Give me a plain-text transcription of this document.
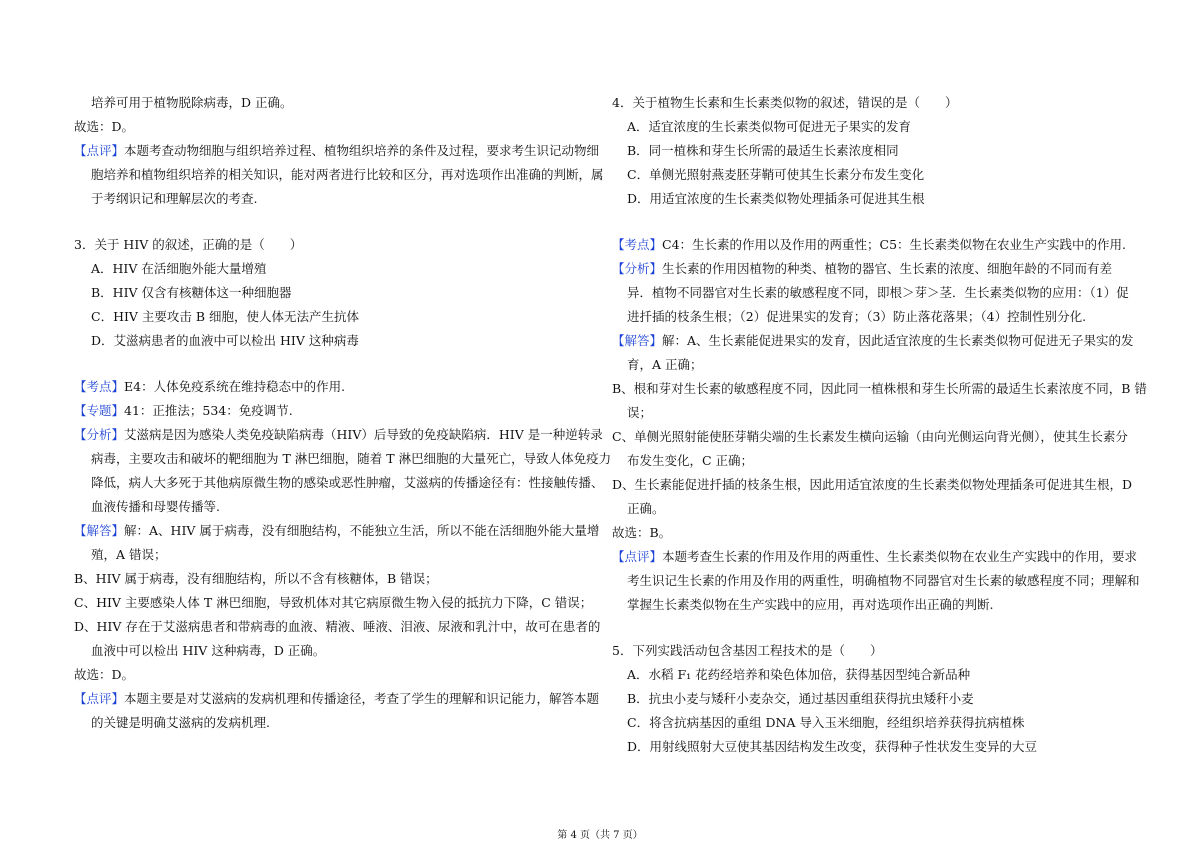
培养可用于植物脱除病毒，D 正确。
故选：D。
【点评】本题考查动物细胞与组织培养过程、植物组织培养的条件及过程，要求考生识记动物细
胞培养和植物组织培养的相关知识，能对两者进行比较和区分，再对选项作出准确的判断，属
于考纲识记和理解层次的考查.
3．关于 HIV 的叙述，正确的是（　　）
A．HIV 在活细胞外能大量增殖
B．HIV 仅含有核糖体这一种细胞器
C．HIV 主要攻击 B 细胞，使人体无法产生抗体
D．艾滋病患者的血液中可以检出 HIV 这种病毒
【考点】E4：人体免疫系统在维持稳态中的作用.
【专题】41：正推法；534：免疫调节.
【分析】艾滋病是因为感染人类免疫缺陷病毒（HIV）后导致的免疫缺陷病．HIV 是一种逆转录
病毒，主要攻击和破坏的靶细胞为 T 淋巴细胞，随着 T 淋巴细胞的大量死亡，导致人体免疫力
降低，病人大多死于其他病原微生物的感染或恶性肿瘤，艾滋病的传播途径有：性接触传播、
血液传播和母婴传播等.
【解答】解：A、HIV 属于病毒，没有细胞结构，不能独立生活，所以不能在活细胞外能大量增
殖，A 错误；
B、HIV 属于病毒，没有细胞结构，所以不含有核糖体，B 错误；
C、HIV 主要感染人体 T 淋巴细胞，导致机体对其它病原微生物入侵的抵抗力下降，C 错误；
D、HIV 存在于艾滋病患者和带病毒的血液、精液、唾液、泪液、尿液和乳汁中，故可在患者的
血液中可以检出 HIV 这种病毒，D 正确。
故选：D。
【点评】本题主要是对艾滋病的发病机理和传播途径，考查了学生的理解和识记能力，解答本题
的关键是明确艾滋病的发病机理.
4．关于植物生长素和生长素类似物的叙述，错误的是（　　）
A．适宜浓度的生长素类似物可促进无子果实的发育
B．同一植株和芽生长所需的最适生长素浓度相同
C．单侧光照射燕麦胚芽鞘可使其生长素分布发生变化
D．用适宜浓度的生长素类似物处理插条可促进其生根
【考点】C4：生长素的作用以及作用的两重性；C5：生长素类似物在农业生产实践中的作用.
【分析】生长素的作用因植物的种类、植物的器官、生长素的浓度、细胞年龄的不同而有差
异．植物不同器官对生长素的敏感程度不同，即根＞芽＞茎．生长素类似物的应用：（1）促
进扦插的枝条生根；（2）促进果实的发育；（3）防止落花落果；（4）控制性别分化.
【解答】解：A、生长素能促进果实的发育，因此适宜浓度的生长素类似物可促进无子果实的发
育，A 正确；
B、根和芽对生长素的敏感程度不同，因此同一植株根和芽生长所需的最适生长素浓度不同，B 错
误；
C、单侧光照射能使胚芽鞘尖端的生长素发生横向运输（由向光侧运向背光侧），使其生长素分
布发生变化，C 正确；
D、生长素能促进扦插的枝条生根，因此用适宜浓度的生长素类似物处理插条可促进其生根，D
正确。
故选：B。
【点评】本题考查生长素的作用及作用的两重性、生长素类似物在农业生产实践中的作用，要求
考生识记生长素的作用及作用的两重性，明确植物不同器官对生长素的敏感程度不同；理解和
掌握生长素类似物在生产实践中的应用，再对选项作出正确的判断.
5．下列实践活动包含基因工程技术的是（　　）
A．水稻 F₁ 花药经培养和染色体加倍，获得基因型纯合新品种
B．抗虫小麦与矮秆小麦杂交，通过基因重组获得抗虫矮秆小麦
C．将含抗病基因的重组 DNA 导入玉米细胞，经组织培养获得抗病植株
D．用射线照射大豆使其基因结构发生改变，获得种子性状发生变异的大豆
第 4 页（共 7 页）
